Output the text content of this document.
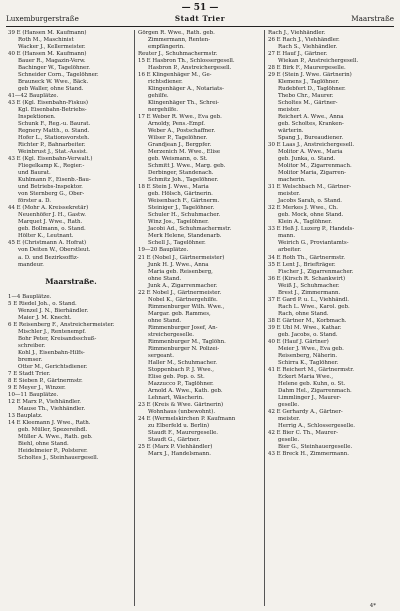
— 51 —
Luxemburgerstraße	Stadt Trier	Maarstraße
39 E (Hansen M. Kaufmann)
Roth M., Maschinist
Wacker J., Kellermeister.
40 E (Hansen M. Kaufmann)
Bauer R., Magazin-Verw.
Bachinger W., Tagelöhner.
Schneider Corn., Tagelöhner.
Brauneck W. Wwe., Bäck.
geb Waller, ohne Stand.
41—42 Bauplätze.
43 E (Kgl. Eisenbahn-Fiskus)
Kgl. Eisenbahn-Betriebs-
Inspektionen.
Schunk F., Reg.-u. Baurat.
Regnery Matth., o. Stand.
Hofer L., Stationsvorsteh.
Richter P., Bahnarbeiter.
Weinbrust J., Stat.-Assist.
43 E (Kgl. Eisenbahn-Verwalt.)
Fliegelkamp K., Regier.-
und Baurat.
Kuhlmann F., Eisenb.-Bau-
und Betriebs-Inspektor.
von Sternberg G., Ober-
förster a. D.
44 E (Mohr A. Kreissekretär)
Neuenhöfer J. H., Gastw.
Marquet J. Wwe., Rath.
geb. Bollmann, o. Stand.
Hölter K., Leutnant.
45 E (Christmann A. Hofrat)
von Deiten W., Oberstleut.
a. D. und Bezirksoffiz-
mandeur.
Maarstraße.
1—4 Bauplätze.
5 E Riedel Joh., o. Stand.
Wenzel J. N., Bierhändler.
Maier J. M. Knecht.
6 E Reisenberg F., Anstreichermeister.
Mischler J., Rentenempf.
Bohr Peter, Kreisandsschuß-
schreiber.
Kohl J., Eisenbahn-Hilfs-
bremser.
Otter M., Gerichtsdiener.
7 E Stadt Trier.
8 E Sieben P., Gärtnermstr.
9 E Meyer J., Winzer.
10—11 Bauplätze.
12 E Marx P., Viehhändler.
Mause Th., Viehhändler.
13 Bauplatz.
14 E Kleemann J. Wwe., Rath.
geb. Müller, Spezereihdl.
Müller A. Wwe., Rath. geb.
Biehl, ohne Stand.
Heidelmeier P., Polsterer.
Scholtes J., Steinhauergesell.
Görgen R. Wwe., Rath. geb.
Zimmermann, Renten-
empfängerin.
Reuter J., Schuhmachermstr.
15 E Hasbron Th., Schlossergesell.
Hasbron P., Anstreichergesell.
16 E Klingenhäger M., Ge-
richtsdiener.
Klingenhäger A., Notariats-
gehilfe.
Klingenhäger Th., Schrei-
nergehilfe.
17 E Weber R. Wwe., Eva geb.
Arnoldy, Pens.-Empf.
Weber A., Postschaffner.
Wilser P., Tagelöhner.
Grandjean J., Bergpfer.
Merzenich M. Wwe., Elise
geb. Weismann, o. St.
Schmitt J. Wwe., Marg. geb.
Derbinger, Standenach.
Schmitz Joh., Tagelöhner.
18 E Stein J. Wwe., Maria
geb. Hölsch, Gärtnerin.
Weisenbach F., Gärtnerm.
Steiniger J., Tagelöhner.
Schuler H., Schuhmacher.
Winz Jos., Tagelöhner.
Jacobi Ad., Schuhmachermstr.
Merk Helene, Standenarb.
Schell J., Tagelöhner.
19—20 Bauplätze.
21 E (Nobel J., Gärtnermeister)
Junk H. J. Wwe., Anna
Maria geb. Reisenberg,
ohne Stand.
Junk A., Zigarrenmacher.
22 E Nobel J., Gärtnermeister.
Nobel K., Gärtnergehilfe.
Rimmenburger Wilh. Wwe.,
Margar. geb. Rammes,
ohne Stand.
Rimmenburger Josef, An-
streichergeselle.
Rimmenburger M., Taglöhn.
Rimmenburger N. Polizei-
sergeant.
Haller M., Schuhmacher.
Stoppenbach P. J. Wwe.,
Elise geb. Pop. o. St.
Mazzucco P., Taglöhner.
Arnold A. Wwe., Kath. geb.
Lehnart, Wäscherin.
23 E (Kreis & Wwe. Gärtnerin)
Wohnhaus (unbewohnt).
24 E (Wermelskirchen P. Kaufmann
zu Elberfeld u. Berlin)
Staudt F., Maurergeselle.
Staudt G., Gärtner.
25 E (Marx P. Viehhändler)
Marx J., Handelsmann.
Rach J., Viehhändler.
26 E Rach J., Viehhändler.
Rach S., Viehhändler.
27 E Hauf J., Gärtner.
Wiekan P., Anstreichergesell.
28 E Birk F., Maurergeselle.
29 E (Stein J. Wwe. Gärtnerin)
Klemens J., Taglöhner.
Rudebfert D., Taglöhner.
Thebo Chr., Maurer.
Scholtes M., Gärtner-
meister.
Reichert A. Wwe., Anna
geb. Scholtes, Kranken-
wärterin.
Spang J., Bureaudiener.
30 E Laas J., Anstreichergesell.
Molitor A. Wwe., Maria
geb. Junka, o. Stand.
Molitor M., Zigarrenmach.
Molitor Maria, Zigarren-
macherin.
31 E Welschbach M., Gärtner-
meister.
Jacobs Sarah, o. Stand.
32 E Merkes J. Wwe., Ch.
geb. Mock, ohne Stand.
Klein A., Taglöhner.
33 E Heß J. Luzerg P., Handels-
mann.
Weirich G., Proviantamts-
arbeiter.
34 E Roth Th., Gärtnermstr.
35 E Lent J., Briefträger.
Fischer J., Zigarrenmacher.
36 E (Kirsch R. Schankwirt)
Weiß J., Schuhmacher.
Brest J., Zimmermann.
37 E Gard P. u. L., Viehhändl.
Rach L. Wwe., Karol. geb.
Rach, ohne Stand.
38 E Gärtner M., Korbmach.
39 E Ubl M. Wwe., Kathar.
geb. Jacobs, o. Stand.
40 E (Hauf J. Gärtner)
Meier J. Wwe., Eva geb.
Reisenberg, Näherin.
Schirra K., Taglöhner.
41 E Reichert M., Gärtnermstr.
Eckert Maria Wwe.,
Helene geb. Kuhn, o. St.
Dahm Hel., Zigarrenmach.
Limmlinger J., Maurer-
geselle.
42 E Gerhardy A., Gärtner-
meister.
Herrig A., Schlossergeselle.
42 E Bier C. Th., Maurer-
geselle.
Bier G., Steinhauergeselle.
43 E Breck H., Zimmermann.
4*
